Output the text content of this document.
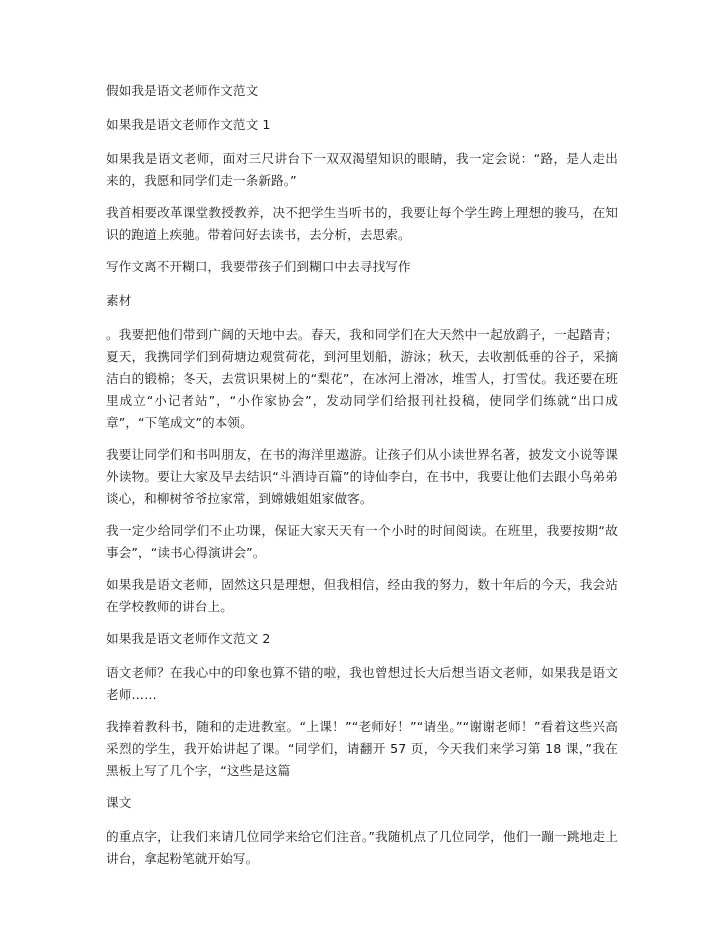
假如我是语文老师作文范文

如果我是语文老师作文范文 1

如果我是语文老师，面对三尺讲台下一双双渴望知识的眼睛，我一定会说：“路，是人走出来的，我愿和同学们走一条新路。”

我首相要改革课堂教授教养，决不把学生当听书的，我要让每个学生跨上理想的骏马，在知识的跑道上疾驰。带着问好去读书，去分析，去思索。

写作文离不开糊口，我要带孩子们到糊口中去寻找写作

素材

。我要把他们带到广阔的天地中去。春天，我和同学们在大天然中一起放鹞子，一起踏青；夏天，我携同学们到荷塘边观赏荷花，到河里划船，游泳；秋天，去收割低垂的谷子，采摘洁白的锻棉；冬天，去赏识果树上的“梨花”，在冰河上滑冰，堆雪人，打雪仗。我还要在班里成立“小记者站”，“小作家协会”，发动同学们给报刊社投稿，使同学们练就“出口成章”，“下笔成文”的本领。

我要让同学们和书叫朋友，在书的海洋里遨游。让孩子们从小读世界名著，披发文小说等课外读物。要让大家及早去结识“斗酒诗百篇”的诗仙李白，在书中，我要让他们去跟小鸟弟弟谈心，和柳树爷爷拉家常，到嫦娥姐姐家做客。

我一定少给同学们不止功课，保证大家天天有一个小时的时间阅读。在班里，我要按期“故事会”，“读书心得演讲会”。

如果我是语文老师，固然这只是理想，但我相信，经由我的努力，数十年后的今天，我会站在学校教师的讲台上。

如果我是语文老师作文范文 2

语文老师？在我心中的印象也算不错的啦，我也曾想过长大后想当语文老师，如果我是语文老师……

我捧着教科书，随和的走进教室。“上课！”“老师好！”“请坐。”“谢谢老师！”看着这些兴高采烈的学生，我开始讲起了课。“同学们，请翻开 57 页，今天我们来学习第 18 课，”我在黑板上写了几个字，“这些是这篇

课文

的重点字，让我们来请几位同学来给它们注音。”我随机点了几位同学，他们一蹦一跳地走上讲台，拿起粉笔就开始写。
